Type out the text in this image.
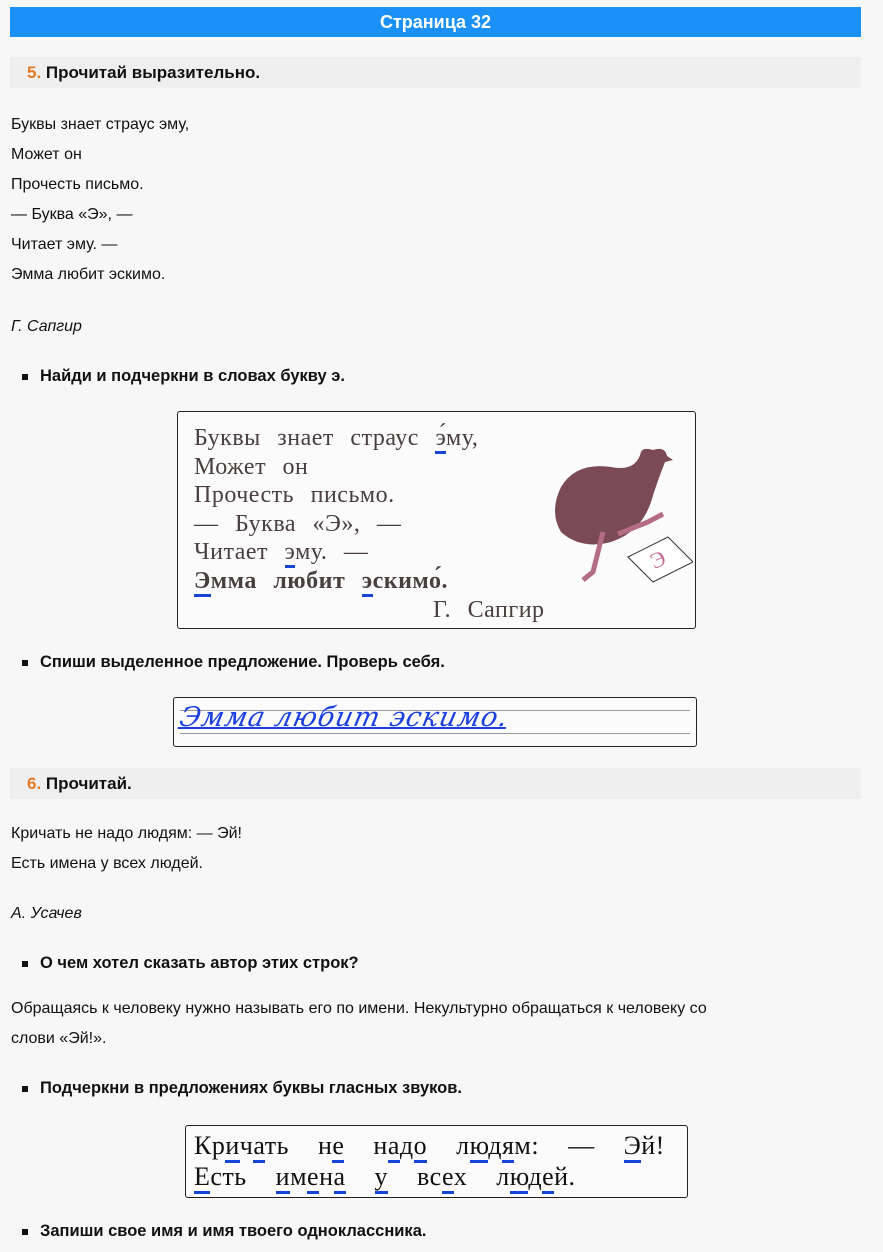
Страница 32
5. Прочитай выразительно.
Буквы знает страус эму,
Может он
Прочесть письмо.
— Буква «Э», —
Читает эму. —
Эмма любит эскимо.
Г. Сапгир
Найди и подчеркни в словах букву э.
Буквы знает страус э́му,
Может он
Прочесть письмо.
— Буква «Э», —
Читает эму. —
Эмма любит эскимо́.
Г. Сапгир
Э
Спиши выделенное предложение. Проверь себя.
Эмма любит эскимо.
6. Прочитай.
Кричать не надо людям: — Эй!
Есть имена у всех людей.
А. Усачев
О чем хотел сказать автор этих строк?
Обращаясь к человеку нужно называть его по имени. Некультурно обращаться к человеку со
слови «Эй!».
Подчеркни в предложениях буквы гласных звуков.
Кричать не надо людям: — Эй!
Есть имена у всех людей.
Запиши свое имя и имя твоего одноклассника.
